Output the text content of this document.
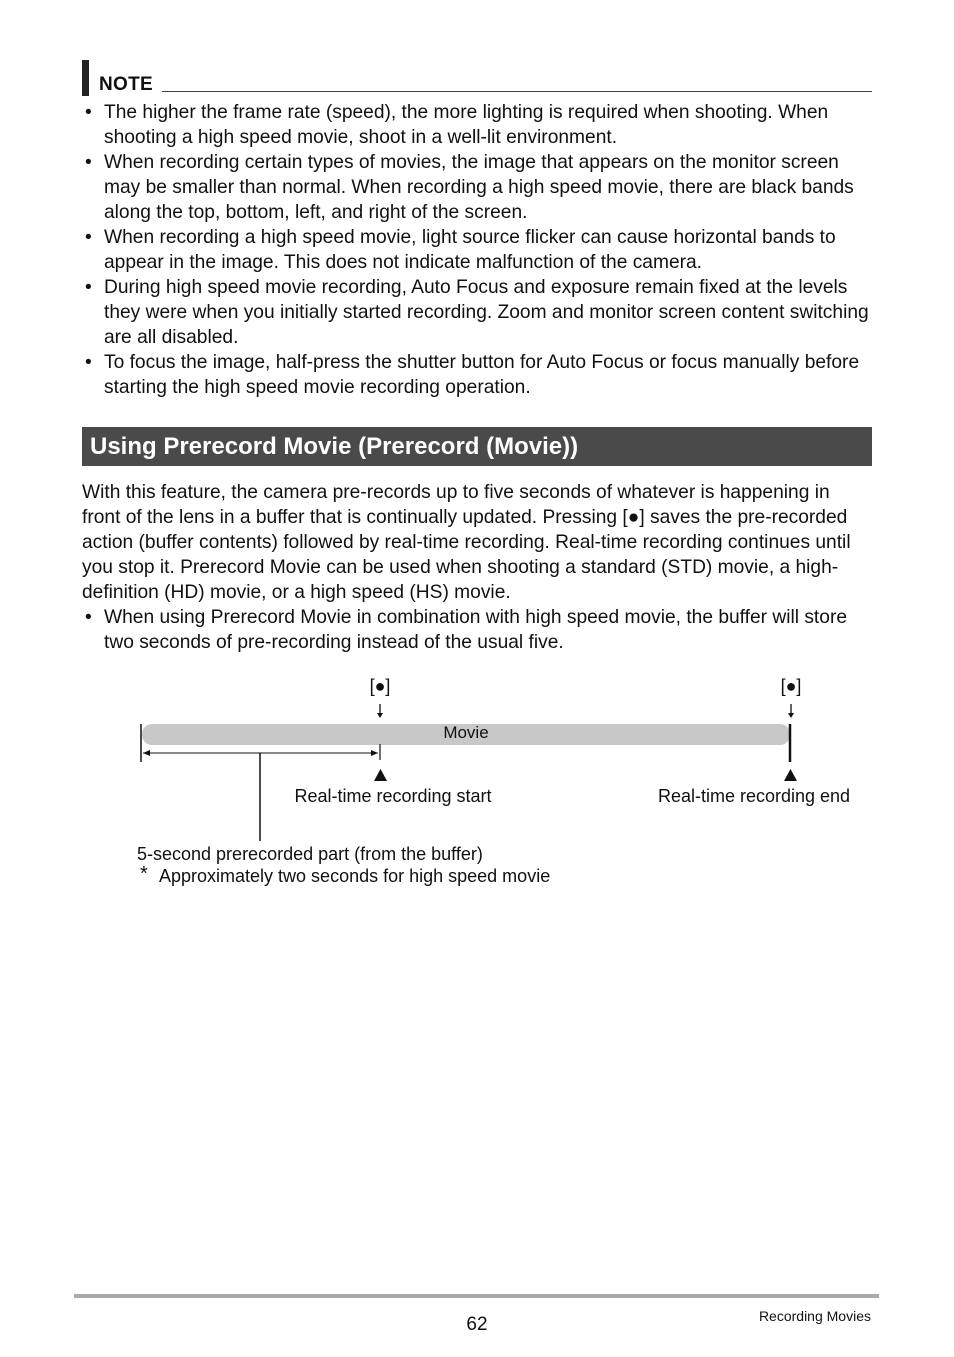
NOTE
• The higher the frame rate (speed), the more lighting is required when shooting. When shooting a high speed movie, shoot in a well-lit environment.
• When recording certain types of movies, the image that appears on the monitor screen may be smaller than normal. When recording a high speed movie, there are black bands along the top, bottom, left, and right of the screen.
• When recording a high speed movie, light source flicker can cause horizontal bands to appear in the image. This does not indicate malfunction of the camera.
• During high speed movie recording, Auto Focus and exposure remain fixed at the levels they were when you initially started recording. Zoom and monitor screen content switching are all disabled.
• To focus the image, half-press the shutter button for Auto Focus or focus manually before starting the high speed movie recording operation.
Using Prerecord Movie (Prerecord (Movie))

With this feature, the camera pre-records up to five seconds of whatever is happening in front of the lens in a buffer that is continually updated. Pressing [●] saves the pre-recorded action (buffer contents) followed by real-time recording. Real-time recording continues until you stop it. Prerecord Movie can be used when shooting a standard (STD) movie, a high-definition (HD) movie, or a high speed (HS) movie.

• When using Prerecord Movie in combination with high speed movie, the buffer will store two seconds of pre-recording instead of the usual five.
[●]	[●]
Movie
Real-time recording start	Real-time recording end
5-second prerecorded part (from the buffer)
* Approximately two seconds for high speed movie
62	Recording Movies
